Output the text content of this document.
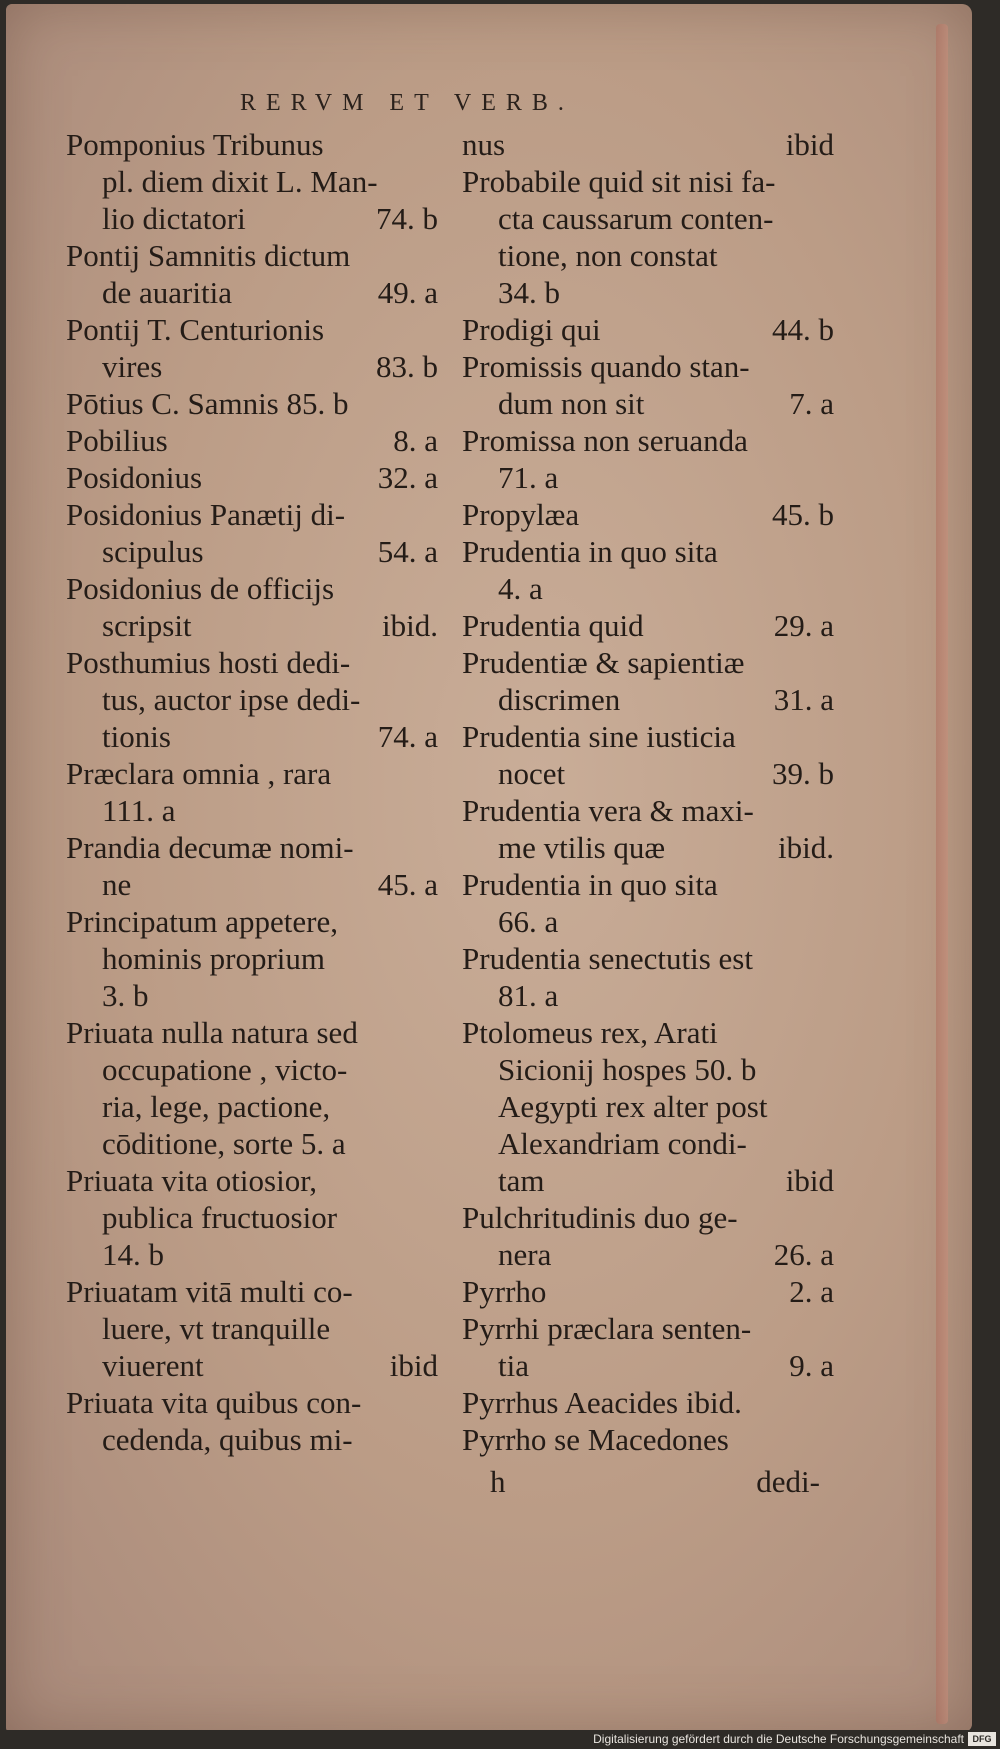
RERVM ET VERB.
Pomponius Tribunus
pl. diem dixit L. Man-
lio dictatori	74. b
Pontij Samnitis dictum
de auaritia	49. a
Pontij T. Centurionis
vires	83. b
Pōtius C. Samnis 85. b
Pobilius	8. a
Posidonius	32. a
Posidonius Panætij di-
scipulus	54. a
Posidonius de officijs
scripsit	ibid.
Posthumius hosti dedi-
tus, auctor ipse dedi-
tionis	74. a
Præclara omnia , rara
111. a
Prandia decumæ nomi-
ne	45. a
Principatum appetere,
hominis proprium
3. b
Priuata nulla natura sed
occupatione , victo-
ria, lege, pactione,
cōditione, sorte 5. a
Priuata vita otiosior,
publica fructuosior
14. b
Priuatam vitā multi co-
luere, vt tranquille
viuerent	ibid
Priuata vita quibus con-
cedenda, quibus mi-
nus	ibid
Probabile quid sit nisi fa-
cta caussarum conten-
tione, non constat
34. b
Prodigi qui	44. b
Promissis quando stan-
dum non sit	7. a
Promissa non seruanda
71. a
Propylæa	45. b
Prudentia in quo sita
4. a
Prudentia quid	29. a
Prudentiæ & sapientiæ
discrimen	31. a
Prudentia sine iusticia
nocet	39. b
Prudentia vera & maxi-
me vtilis quæ	ibid.
Prudentia in quo sita
66. a
Prudentia senectutis est
81. a
Ptolomeus rex, Arati
Sicionij hospes 50. b
Aegypti rex alter post
Alexandriam condi-
tam	ibid
Pulchritudinis duo ge-
nera	26. a
Pyrrho	2. a
Pyrrhi præclara senten-
tia	9. a
Pyrrhus Aeacides ibid.
Pyrrho se Macedones
h	dedi-
Digitalisierung gefördert durch die Deutsche Forschungsgemeinschaft DFG
